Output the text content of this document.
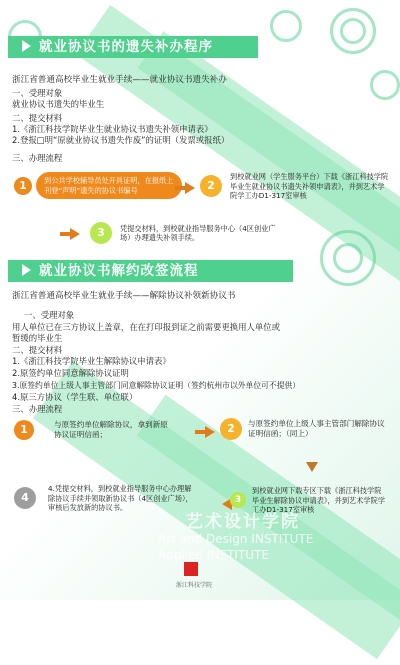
就业协议书的遗失补办程序
浙江省普通高校毕业生就业手续——就业协议书遗失补办
一、受理对象
就业协议书遗失的毕业生
二、提交材料
1.《浙江科技学院毕业生就业协议书遗失补领申请表》
2.登报□明“原就业协议书遗失作废”的证明（发票或报纸）
三、办理流程
1	到公共学校辅导员处开具证明，在报纸上刊登“声明”遗失的协议书编号	2
到校就业网（学生服务平台）下载《浙江科技学院毕业生就业协议书遗失补领申请表》，并到艺术学院学工办D1-317室审核
3	凭提交材料，到校就业指导服务中心（4区创业广场）办理遗失补领手续。
就业协议书解约改签流程
浙江省普通高校毕业生就业手续——解除协议补领新协议书
一、受理对象
用人单位已在三方协议上盖章，在在打印报到证之前需要更换用人单位或
暂缓的毕业生
二、提交材料
1.《浙江科技学院毕业生解除协议申请表》
2.原签约单位同意解除协议证明
3.原签约单位上级人事主管部门同意解除协议证明（签约杭州市以外单位可不提供）
4.原三方协议（学生联、单位联）
三、办理流程
1	与原签约单位解除协议，拿到新原协议证明信函；	2	与原签约单位上级人事主管部门解除协议证明信函；（同上）
4
4.凭提交材料，到校就业指导服务中心办理解除协议手续并领取新协议书（4区创业广场），审核后发放新的协议书。
3
到校就业网下载专区下载《浙江科技学院毕业生解除协议申请表》，并到艺术学院学工办D1-317室审核
艺术设计学院
Art and Design INSTITUTE
Applied INSTITUTE
浙江科技学院
